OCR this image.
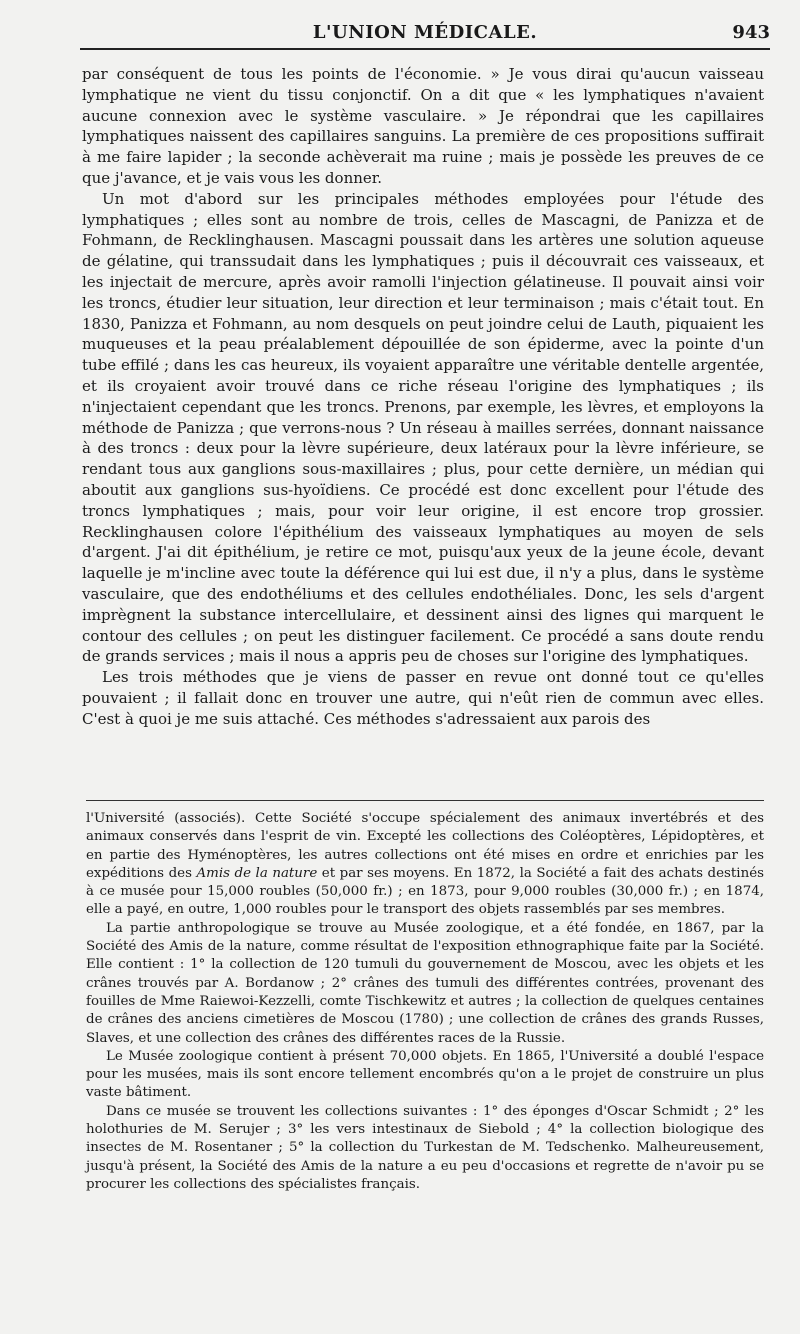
L'UNION MÉDICALE.	943

par conséquent de tous les points de l'économie. » Je vous dirai qu'aucun vaisseau lymphatique ne vient du tissu conjonctif. On a dit que « les lymphatiques n'avaient aucune connexion avec le système vasculaire. » Je répondrai que les capillaires lymphatiques naissent des capillaires sanguins. La première de ces propositions suffirait à me faire lapider ; la seconde achèverait ma ruine ; mais je possède les preuves de ce que j'avance, et je vais vous les donner.

Un mot d'abord sur les principales méthodes employées pour l'étude des lymphatiques ; elles sont au nombre de trois, celles de Mascagni, de Panizza et de Fohmann, de Recklinghausen. Mascagni poussait dans les artères une solution aqueuse de gélatine, qui transsudait dans les lymphatiques ; puis il découvrait ces vaisseaux, et les injectait de mercure, après avoir ramolli l'injection gélatineuse. Il pouvait ainsi voir les troncs, étudier leur situation, leur direction et leur terminaison ; mais c'était tout. En 1830, Panizza et Fohmann, au nom desquels on peut joindre celui de Lauth, piquaient les muqueuses et la peau préalablement dépouillée de son épiderme, avec la pointe d'un tube effilé ; dans les cas heureux, ils voyaient apparaître une véritable dentelle argentée, et ils croyaient avoir trouvé dans ce riche réseau l'origine des lymphatiques ; ils n'injectaient cependant que les troncs. Prenons, par exemple, les lèvres, et employons la méthode de Panizza ; que verrons-nous ? Un réseau à mailles serrées, donnant naissance à des troncs : deux pour la lèvre supérieure, deux latéraux pour la lèvre inférieure, se rendant tous aux ganglions sous-maxillaires ; plus, pour cette dernière, un médian qui aboutit aux ganglions sus-hyoïdiens. Ce procédé est donc excellent pour l'étude des troncs lymphatiques ; mais, pour voir leur origine, il est encore trop grossier. Recklinghausen colore l'épithélium des vaisseaux lymphatiques au moyen de sels d'argent. J'ai dit épithélium, je retire ce mot, puisqu'aux yeux de la jeune école, devant laquelle je m'incline avec toute la déférence qui lui est due, il n'y a plus, dans le système vasculaire, que des endothéliums et des cellules endothéliales. Donc, les sels d'argent imprègnent la substance intercellulaire, et dessinent ainsi des lignes qui marquent le contour des cellules ; on peut les distinguer facilement. Ce procédé a sans doute rendu de grands services ; mais il nous a appris peu de choses sur l'origine des lymphatiques.

Les trois méthodes que je viens de passer en revue ont donné tout ce qu'elles pouvaient ; il fallait donc en trouver une autre, qui n'eût rien de commun avec elles. C'est à quoi je me suis attaché. Ces méthodes s'adressaient aux parois des

l'Université (associés). Cette Société s'occupe spécialement des animaux invertébrés et des animaux conservés dans l'esprit de vin. Excepté les collections des Coléoptères, Lépidoptères, et en partie des Hyménoptères, les autres collections ont été mises en ordre et enrichies par les expéditions des Amis de la nature et par ses moyens. En 1872, la Société a fait des achats destinés à ce musée pour 15,000 roubles (50,000 fr.) ; en 1873, pour 9,000 roubles (30,000 fr.) ; en 1874, elle a payé, en outre, 1,000 roubles pour le transport des objets rassemblés par ses membres.

La partie anthropologique se trouve au Musée zoologique, et a été fondée, en 1867, par la Société des Amis de la nature, comme résultat de l'exposition ethnographique faite par la Société. Elle contient : 1° la collection de 120 tumuli du gouvernement de Moscou, avec les objets et les crânes trouvés par A. Bordanow ; 2° crânes des tumuli des différentes contrées, provenant des fouilles de Mme Raiewoi-Kezzelli, comte Tischkewitz et autres ; la collection de quelques centaines de crânes des anciens cimetières de Moscou (1780) ; une collection de crânes des grands Russes, Slaves, et une collection des crânes des différentes races de la Russie.

Le Musée zoologique contient à présent 70,000 objets. En 1865, l'Université a doublé l'espace pour les musées, mais ils sont encore tellement encombrés qu'on a le projet de construire un plus vaste bâtiment.

Dans ce musée se trouvent les collections suivantes : 1° des éponges d'Oscar Schmidt ; 2° les holothuries de M. Serujer ; 3° les vers intestinaux de Siebold ; 4° la collection biologique des insectes de M. Rosentaner ; 5° la collection du Turkestan de M. Tedschenko. Malheureusement, jusqu'à présent, la Société des Amis de la nature a eu peu d'occasions et regrette de n'avoir pu se procurer les collections des spécialistes français.
